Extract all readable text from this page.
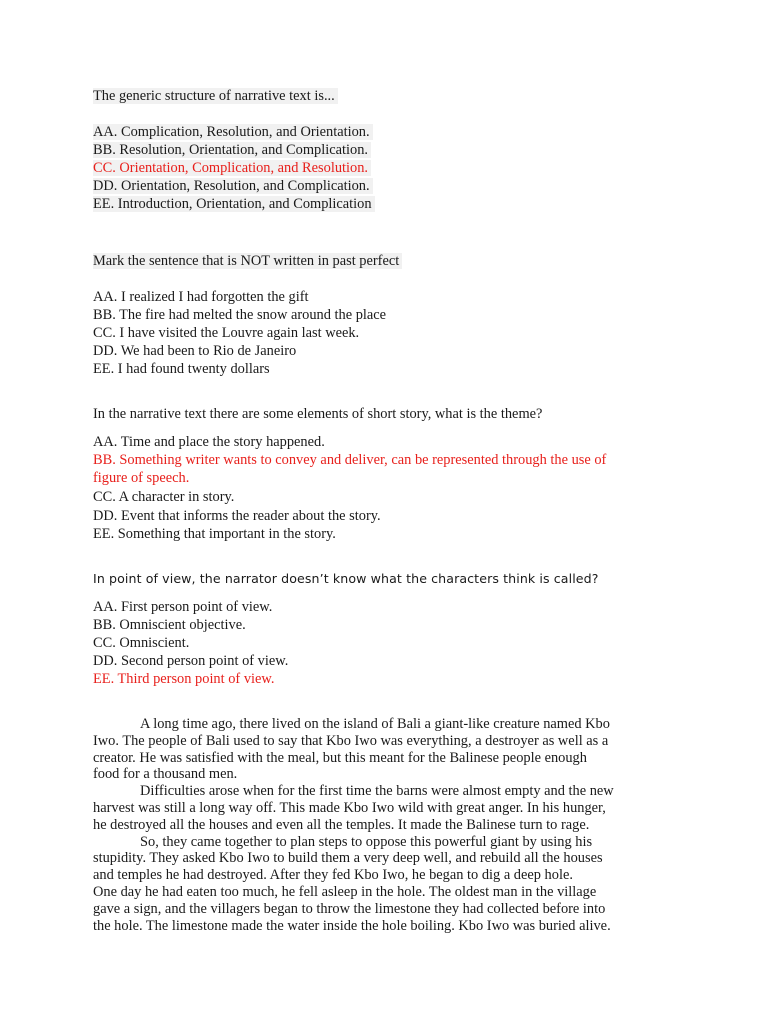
The generic structure of narrative text is...
AA. Complication, Resolution, and Orientation.
BB. Resolution, Orientation, and Complication.
CC. Orientation, Complication, and Resolution.
DD. Orientation, Resolution, and Complication.
EE. Introduction, Orientation, and Complication
Mark the sentence that is NOT written in past perfect
AA. I realized I had forgotten the gift
BB. The fire had melted the snow around the place
CC. I have visited the Louvre again last week.
DD. We had been to Rio de Janeiro
EE. I had found twenty dollars
In the narrative text there are some elements of short story, what is the theme?
AA. Time and place the story happened.
BB. Something writer wants to convey and deliver, can be represented through the use of
figure of speech.
CC. A character in story.
DD. Event that informs the reader about the story.
EE. Something that important in the story.
In point of view, the narrator doesn’t know what the characters think is called?
AA. First person point of view.
BB. Omniscient objective.
CC. Omniscient.
DD. Second person point of view.
EE. Third person point of view.
A long time ago, there lived on the island of Bali a giant-like creature named Kbo
Iwo. The people of Bali used to say that Kbo Iwo was everything, a destroyer as well as a
creator. He was satisfied with the meal, but this meant for the Balinese people enough
food for a thousand men.
Difficulties arose when for the first time the barns were almost empty and the new
harvest was still a long way off. This made Kbo Iwo wild with great anger. In his hunger,
he destroyed all the houses and even all the temples. It made the Balinese turn to rage.
So, they came together to plan steps to oppose this powerful giant by using his
stupidity. They asked Kbo Iwo to build them a very deep well, and rebuild all the houses
and temples he had destroyed. After they fed Kbo Iwo, he began to dig a deep hole.
One day he had eaten too much, he fell asleep in the hole. The oldest man in the village
gave a sign, and the villagers began to throw the limestone they had collected before into
the hole. The limestone made the water inside the hole boiling. Kbo Iwo was buried alive.
